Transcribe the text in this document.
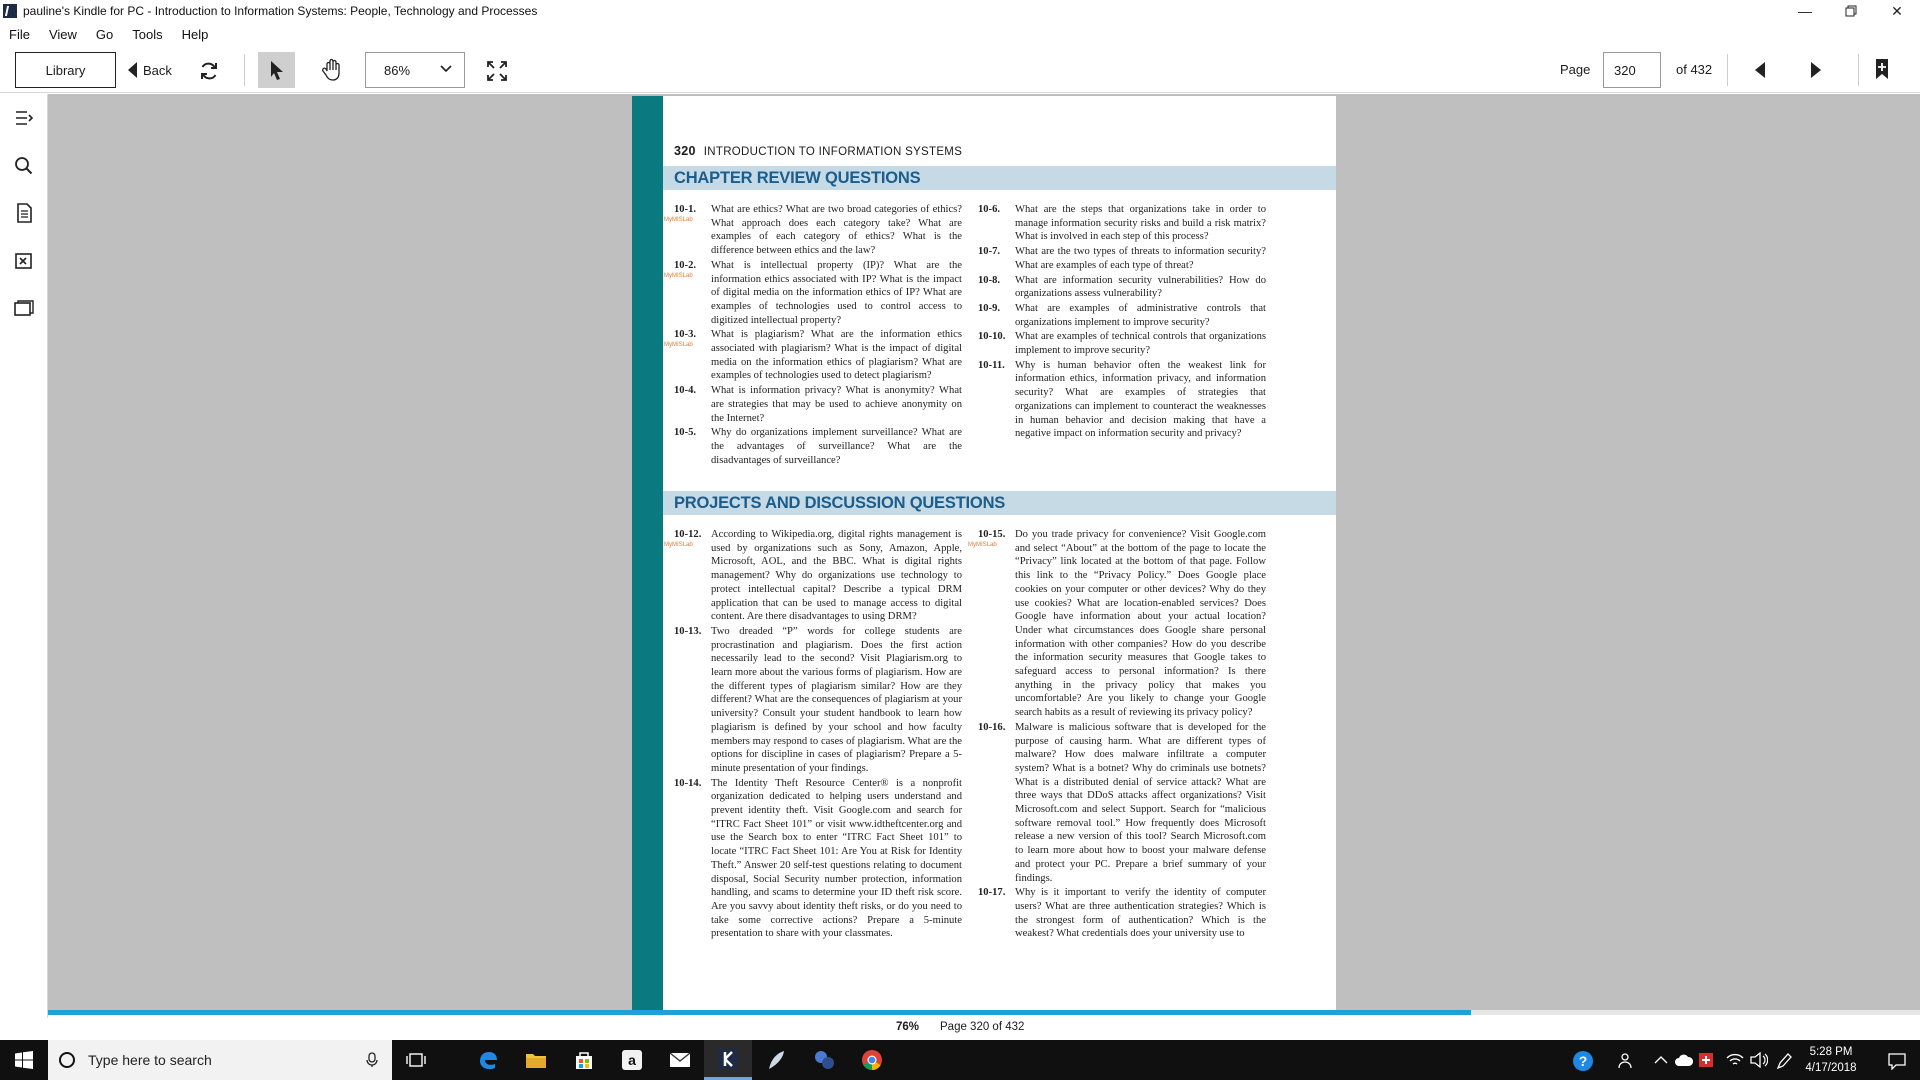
pauline's Kindle for PC - Introduction to Information Systems: People, Technology and Processes	—	✕
File View Go Tools Help
Library	Back	86%	Page	320	of 432
320 INTRODUCTION TO INFORMATION SYSTEMS
CHAPTER REVIEW QUESTIONS
10-1.
MyMISLab
What are ethics? What are two broad categories of ethics? What approach does each category take? What are examples of each category of ethics? What is the difference between ethics and the law?
10-2.
MyMISLab
What is intellectual property (IP)? What are the information ethics associated with IP? What is the impact of digital media on the information ethics of IP? What are examples of technologies used to control access to digitized intellectual property?
10-3.
MyMISLab
What is plagiarism? What are the information ethics associated with plagiarism? What is the impact of digital media on the information ethics of plagiarism? What are examples of technologies used to detect plagiarism?
10-4. What is information privacy? What is anonymity? What are strategies that may be used to achieve anonymity on the Internet?
10-5. Why do organizations implement surveillance? What are the advantages of surveillance? What are the disadvantages of surveillance?
10-6. What are the steps that organizations take in order to manage information security risks and build a risk matrix? What is involved in each step of this process?
10-7. What are the two types of threats to information security? What are examples of each type of threat?
10-8. What are information security vulnerabilities? How do organizations assess vulnerability?
10-9. What are examples of administrative controls that organizations implement to improve security?
10-10. What are examples of technical controls that organizations implement to improve security?
10-11. Why is human behavior often the weakest link for information ethics, information privacy, and information security? What are examples of strategies that organizations can implement to counteract the weaknesses in human behavior and decision making that have a negative impact on information security and privacy?
PROJECTS AND DISCUSSION QUESTIONS
10-12.
MyMISLab
According to Wikipedia.org, digital rights management is used by organizations such as Sony, Amazon, Apple, Microsoft, AOL, and the BBC. What is digital rights management? Why do organizations use technology to protect intellectual capital? Describe a typical DRM application that can be used to manage access to digital content. Are there disadvantages to using DRM?
10-13. Two dreaded “P” words for college students are procrastination and plagiarism. Does the first action necessarily lead to the second? Visit Plagiarism.org to learn more about the various forms of plagiarism. How are the different types of plagiarism similar? How are they different? What are the consequences of plagiarism at your university? Consult your student handbook to learn how plagiarism is defined by your school and how faculty members may respond to cases of plagiarism. What are the options for discipline in cases of plagiarism? Prepare a 5-minute presentation of your findings.
10-14. The Identity Theft Resource Center® is a nonprofit organization dedicated to helping users understand and prevent identity theft. Visit Google.com and search for “ITRC Fact Sheet 101” or visit www.idtheftcenter.org and use the Search box to enter “ITRC Fact Sheet 101” to locate “ITRC Fact Sheet 101: Are You at Risk for Identity Theft.” Answer 20 self-test questions relating to document disposal, Social Security number protection, information handling, and scams to determine your ID theft risk score. Are you savvy about identity theft risks, or do you need to take some corrective actions? Prepare a 5-minute presentation to share with your classmates.
10-15.
MyMISLab
Do you trade privacy for convenience? Visit Google.com and select “About” at the bottom of the page to locate the “Privacy” link located at the bottom of that page. Follow this link to the “Privacy Policy.” Does Google place cookies on your computer or other devices? Why do they use cookies? What are location-enabled services? Does Google have information about your actual location? Under what circumstances does Google share personal information with other companies? How do you describe the information security measures that Google takes to safeguard access to personal information? Is there anything in the privacy policy that makes you uncomfortable? Are you likely to change your Google search habits as a result of reviewing its privacy policy?
10-16. Malware is malicious software that is developed for the purpose of causing harm. What are different types of malware? How does malware infiltrate a computer system? What is a botnet? Why do criminals use botnets? What is a distributed denial of service attack? What are three ways that DDoS attacks affect organizations? Visit Microsoft.com and select Support. Search for “malicious software removal tool.” How frequently does Microsoft release a new version of this tool? Search Microsoft.com to learn more about how to boost your malware defense and protect your PC. Prepare a brief summary of your findings.
10-17. Why is it important to verify the identity of computer users? What are three authentication strategies? Which is the strongest form of authentication? Which is the weakest? What credentials does your university use to
76% Page 320 of 432
Type here to search	a	?
5:28 PM
4/17/2018
